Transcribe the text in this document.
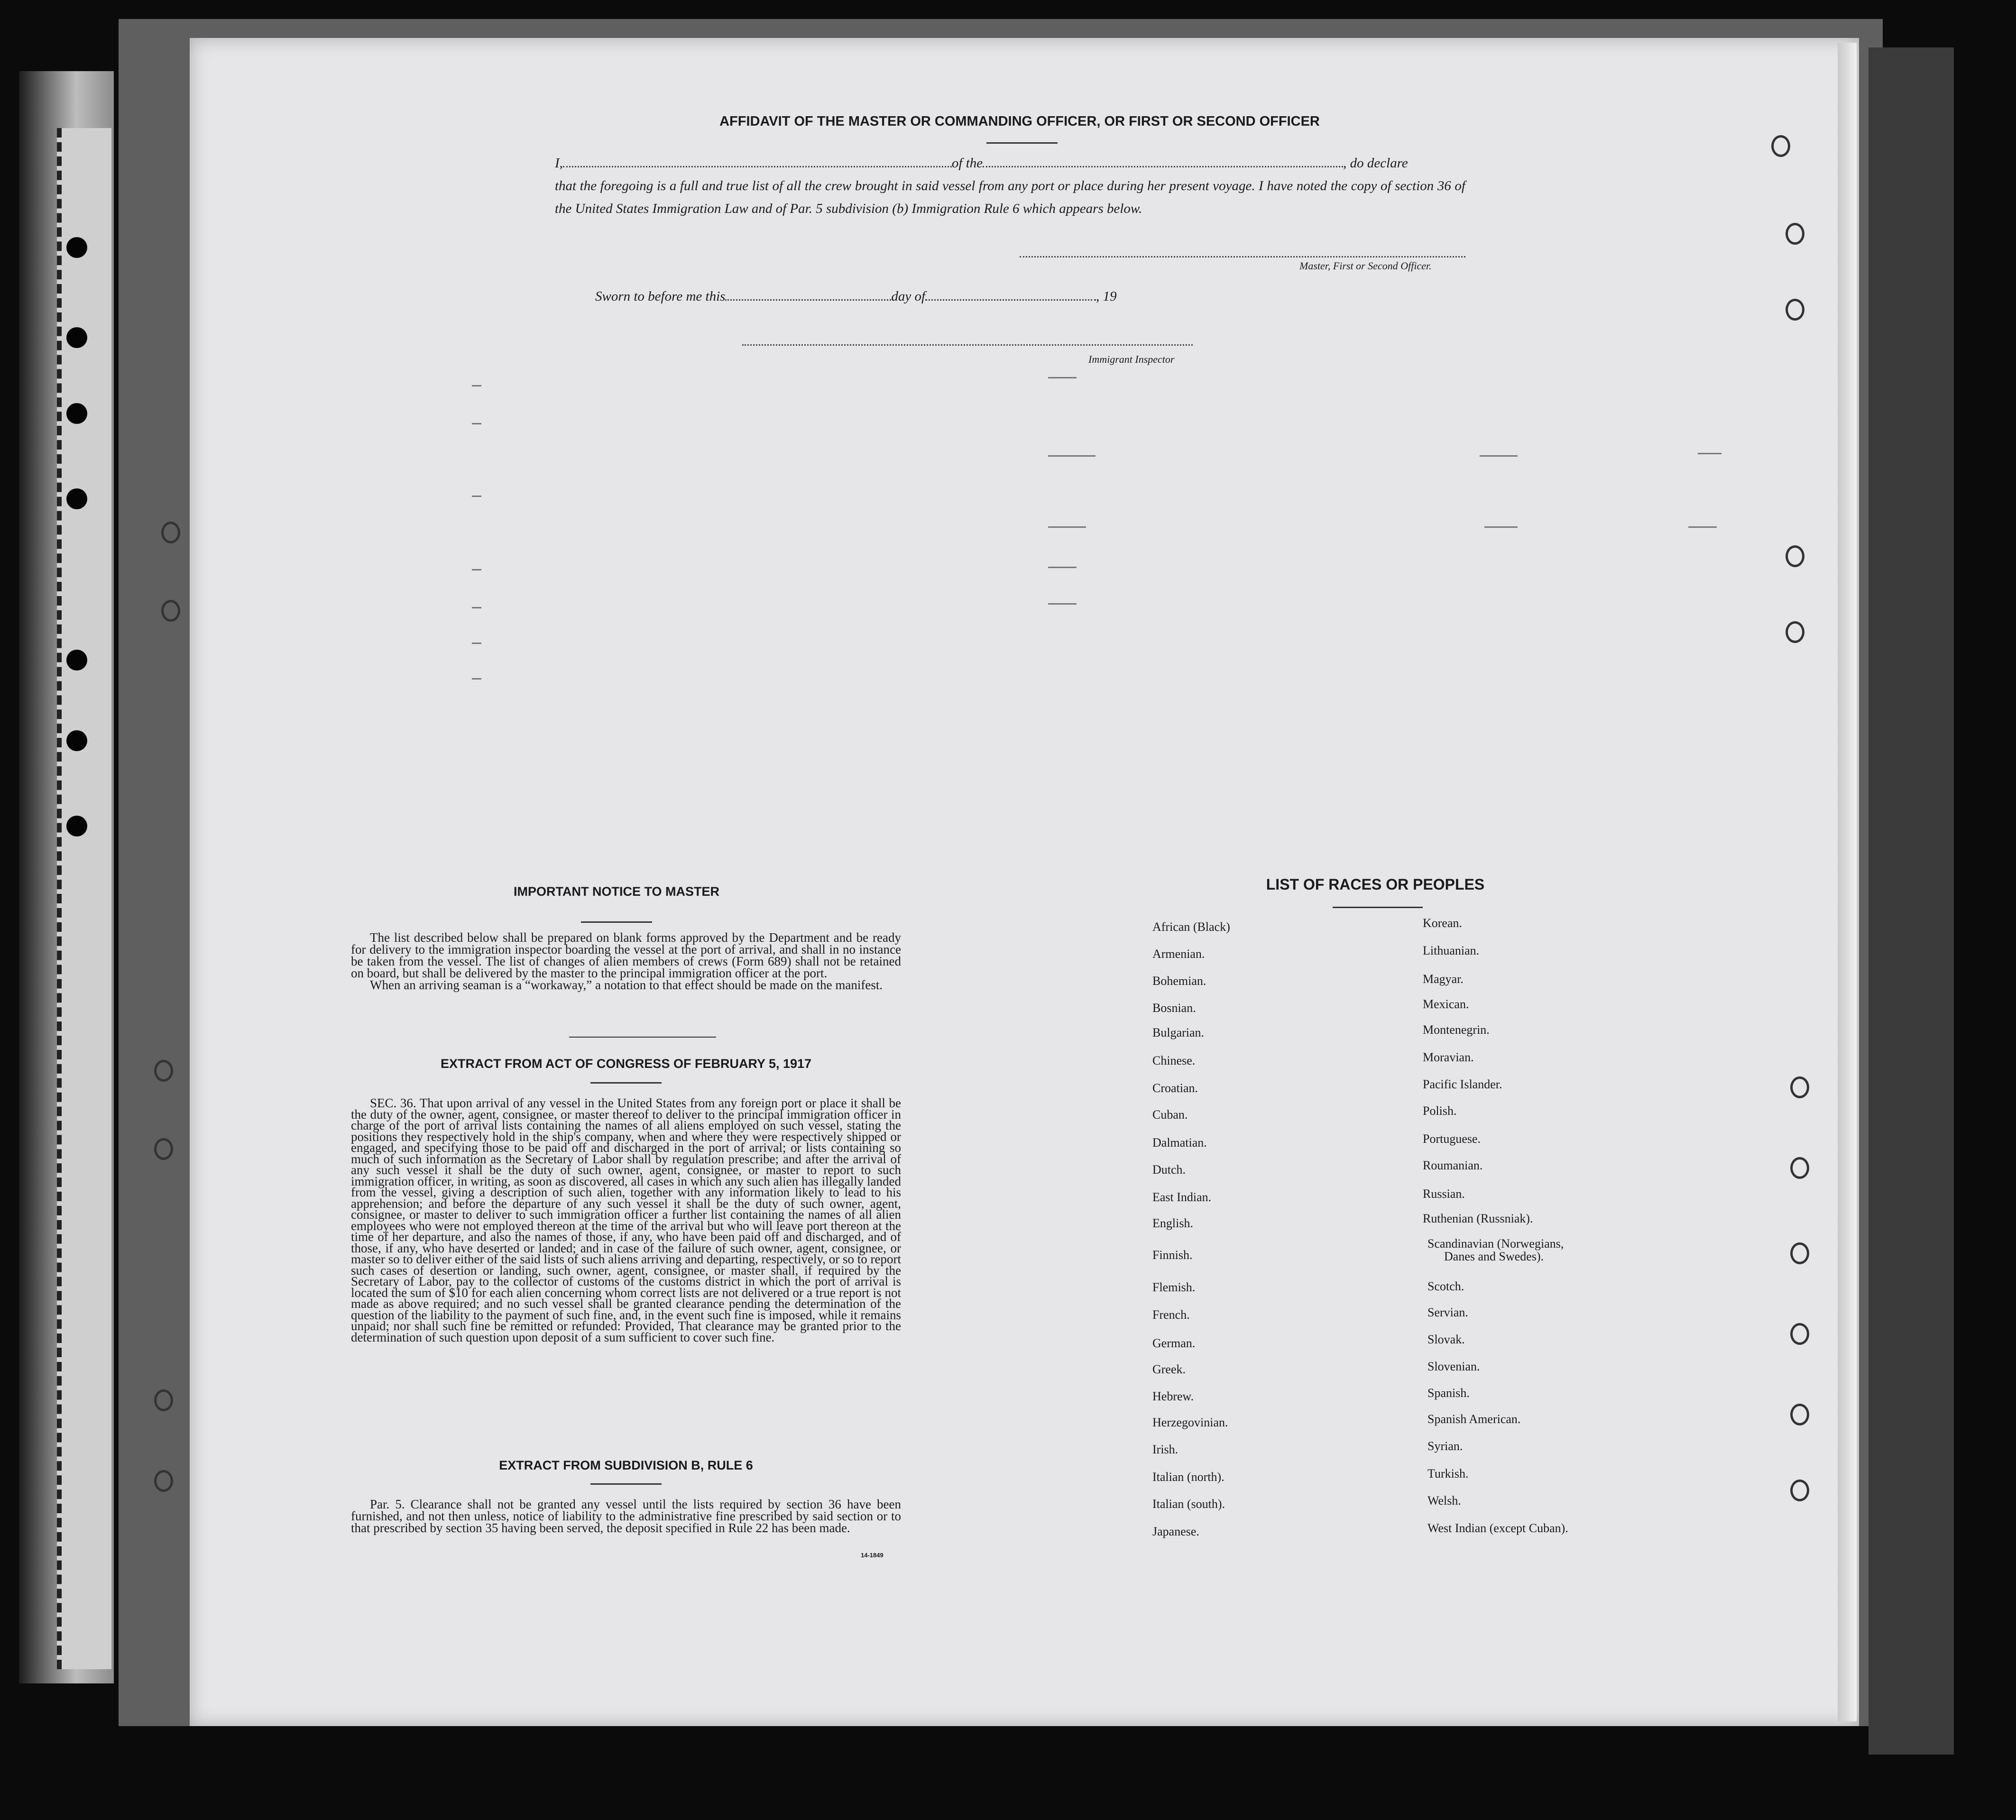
AFFIDAVIT OF THE MASTER OR COMMANDING OFFICER, OR FIRST OR SECOND OFFICER
I,	of the	, do declare
that the foregoing is a full and true list of all the crew brought in said vessel from any port or place during her present voyage. I have noted the copy of section 36 of the United States Immigration Law and of Par. 5 subdivision (b) Immigration Rule 6 which appears below.
Master, First or Second Officer.
Sworn to before me this	day of	, 19
Immigrant Inspector
IMPORTANT NOTICE TO MASTER

The list described below shall be prepared on blank forms approved by the Department and be ready for delivery to the immigration inspector boarding the vessel at the port of arrival, and shall in no instance be taken from the vessel. The list of changes of alien members of crews (Form 689) shall not be retained on board, but shall be delivered by the master to the principal immigration officer at the port.

When an arriving seaman is a “workaway,” a notation to that effect should be made on the manifest.

EXTRACT FROM ACT OF CONGRESS OF FEBRUARY 5, 1917

SEC. 36. That upon arrival of any vessel in the United States from any foreign port or place it shall be the duty of the owner, agent, consignee, or master thereof to deliver to the principal immigration officer in charge of the port of arrival lists containing the names of all aliens employed on such vessel, stating the positions they respectively hold in the ship's company, when and where they were respectively shipped or engaged, and specifying those to be paid off and discharged in the port of arrival; or lists containing so much of such information as the Secretary of Labor shall by regulation prescribe; and after the arrival of any such vessel it shall be the duty of such owner, agent, consignee, or master to report to such immigration officer, in writing, as soon as discovered, all cases in which any such alien has illegally landed from the vessel, giving a description of such alien, together with any information likely to lead to his apprehension; and before the departure of any such vessel it shall be the duty of such owner, agent, consignee, or master to deliver to such immigration officer a further list containing the names of all alien employees who were not employed thereon at the time of the arrival but who will leave port thereon at the time of her departure, and also the names of those, if any, who have been paid off and discharged, and of those, if any, who have deserted or landed; and in case of the failure of such owner, agent, consignee, or master so to deliver either of the said lists of such aliens arriving and departing, respectively, or so to report such cases of desertion or landing, such owner, agent, consignee, or master shall, if required by the Secretary of Labor, pay to the collector of customs of the customs district in which the port of arrival is located the sum of $10 for each alien concerning whom correct lists are not delivered or a true report is not made as above required; and no such vessel shall be granted clearance pending the determination of the question of the liability to the payment of such fine, and, in the event such fine is imposed, while it remains unpaid; nor shall such fine be remitted or refunded: Provided, That clearance may be granted prior to the determination of such question upon deposit of a sum sufficient to cover such fine.

EXTRACT FROM SUBDIVISION B, RULE 6

Par. 5. Clearance shall not be granted any vessel until the lists required by section 36 have been furnished, and not then unless, notice of liability to the administrative fine prescribed by said section or to that prescribed by section 35 having been served, the deposit specified in Rule 22 has been made.

14-1849
LIST OF RACES OR PEOPLES
African (Black)
Armenian.
Bohemian.
Bosnian.
Bulgarian.
Chinese.
Croatian.
Cuban.
Dalmatian.
Dutch.
East Indian.
English.
Finnish.
Flemish.
French.
German.
Greek.
Hebrew.
Herzegovinian.
Irish.
Italian (north).
Italian (south).
Japanese.
Korean.
Lithuanian.
Magyar.
Mexican.
Montenegrin.
Moravian.
Pacific Islander.
Polish.
Portuguese.
Roumanian.
Russian.
Ruthenian (Russniak).
Scandinavian (Norwegians,
Danes and Swedes).
Scotch.
Servian.
Slovak.
Slovenian.
Spanish.
Spanish American.
Syrian.
Turkish.
Welsh.
West Indian (except Cuban).
